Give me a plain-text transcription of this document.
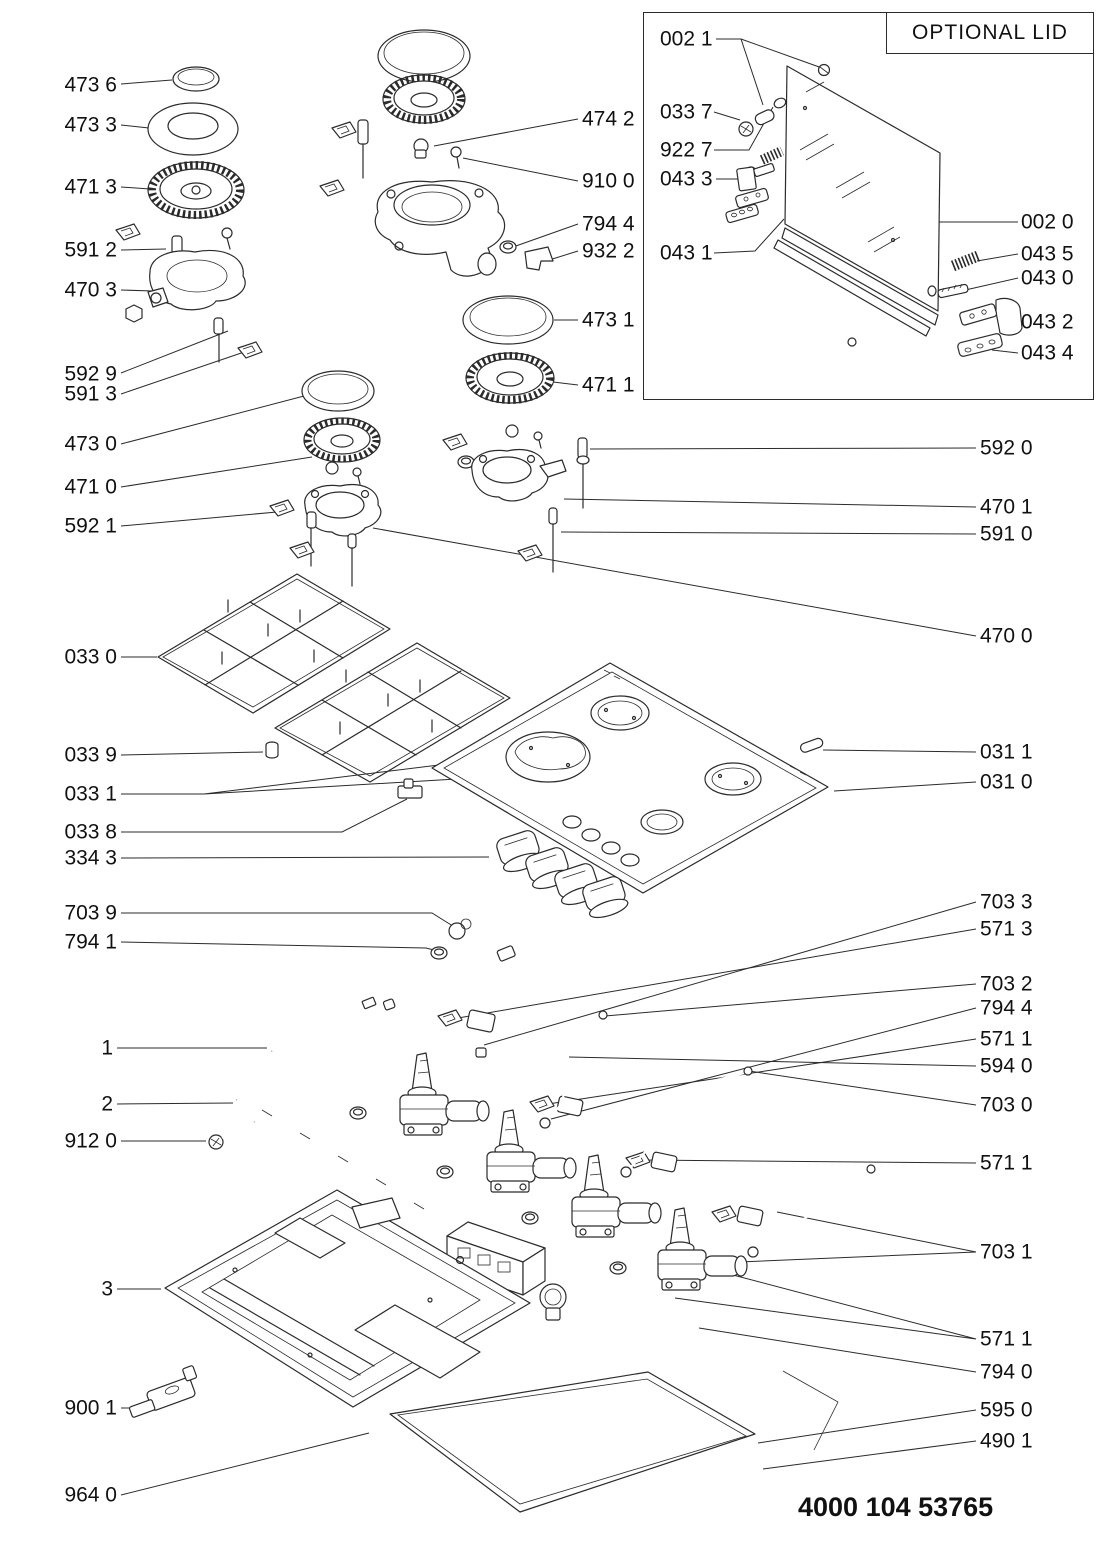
OPTIONAL LID
473 6
473 3
471 3
591 2
470 3
592 9
591 3
473 0
471 0
592 1
033 0
033 9
033 1
033 8
334 3
703 9
794 1
1
2
912 0
3
900 1
964 0
474 2
910 0
794 4
932 2
473 1
471 1
592 0
470 1
591 0
470 0
031 1
031 0
703 3
571 3
703 2
794 4
571 1
594 0
703 0
571 1
703 1
571 1
794 0
595 0
490 1
002 1
033 7
922 7
043 3
043 1
002 0
043 5
043 0
043 2
043 4
4000 104 53765
